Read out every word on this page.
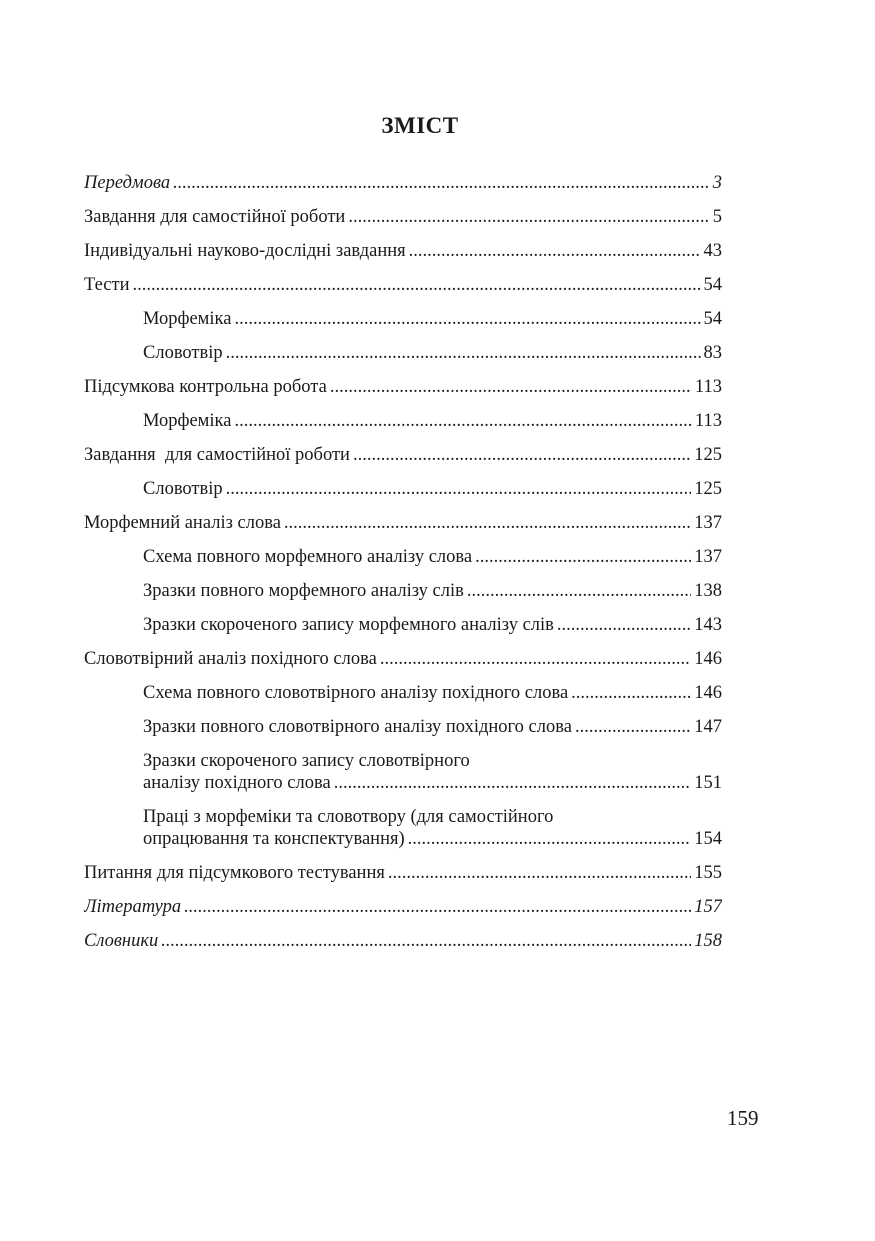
ЗМІСТ
Передмова .....	3
Завдання для самостійної роботи .....	5
Індивідуальні науково-дослідні завдання .....	43
Тести .....	54
Морфеміка .....	54
Словотвір .....	83
Підсумкова контрольна робота .....	113
Морфеміка .....	113
Завдання  для самостійної роботи .....	125
Словотвір .....	125
Морфемний аналіз слова .....	137
Схема повного морфемного аналізу слова .....	137
Зразки повного морфемного аналізу слів .....	138
Зразки скороченого запису морфемного аналізу слів .....	143
Словотвірний аналіз похідного слова .....	146
Схема повного словотвірного аналізу похідного слова .....	146
Зразки повного словотвірного аналізу похідного слова .....	147
Зразки скороченого запису словотвірного
аналізу похідного слова .....	151
Праці з морфеміки та словотвору (для самостійного
опрацювання та конспектування) .....	154
Питання для підсумкового тестування .....	155
Література .....	157
Словники .....	158
159
